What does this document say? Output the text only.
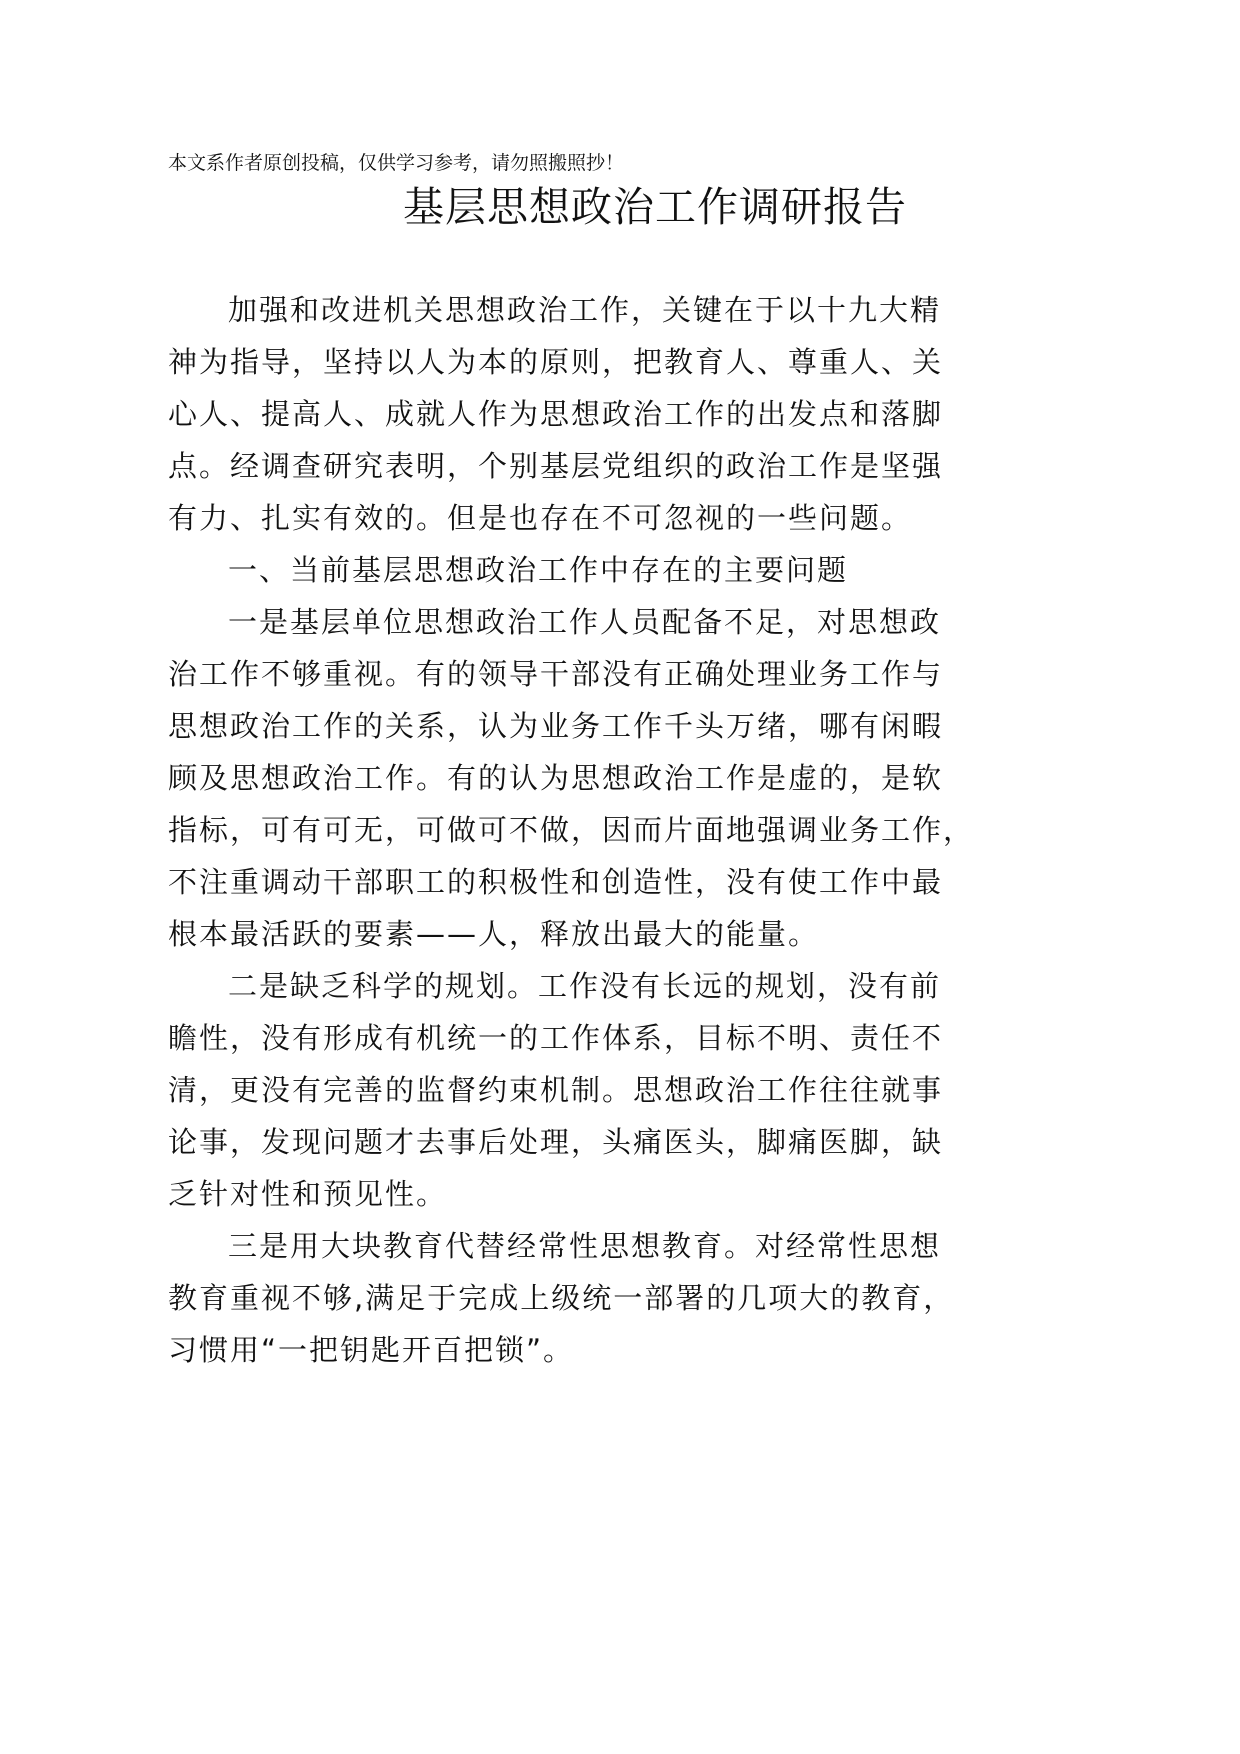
本文系作者原创投稿，仅供学习参考，请勿照搬照抄！
基层思想政治工作调研报告
加强和改进机关思想政治工作，关键在于以十九大精
神为指导，坚持以人为本的原则，把教育人、尊重人、关
心人、提高人、成就人作为思想政治工作的出发点和落脚
点。经调查研究表明，个别基层党组织的政治工作是坚强
有力、扎实有效的。但是也存在不可忽视的一些问题。
一、当前基层思想政治工作中存在的主要问题
一是基层单位思想政治工作人员配备不足，对思想政
治工作不够重视。有的领导干部没有正确处理业务工作与
思想政治工作的关系，认为业务工作千头万绪，哪有闲暇
顾及思想政治工作。有的认为思想政治工作是虚的，是软
指标，可有可无，可做可不做，因而片面地强调业务工作，
不注重调动干部职工的积极性和创造性，没有使工作中最
根本最活跃的要素——人，释放出最大的能量。
二是缺乏科学的规划。工作没有长远的规划，没有前
瞻性，没有形成有机统一的工作体系，目标不明、责任不
清，更没有完善的监督约束机制。思想政治工作往往就事
论事，发现问题才去事后处理，头痛医头，脚痛医脚，缺
乏针对性和预见性。
三是用大块教育代替经常性思想教育。对经常性思想
教育重视不够,满足于完成上级统一部署的几项大的教育，
习惯用“一把钥匙开百把锁”。
